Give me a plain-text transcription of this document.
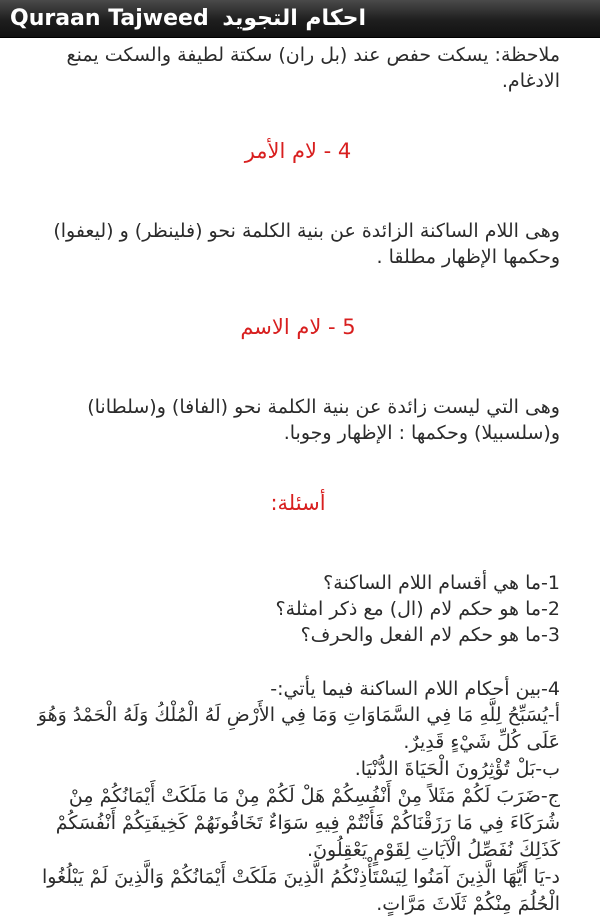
Quraan Tajweed احكام التجويد

ملاحظة: يسكت حفص عند (بل ران) سكتة لطيفة والسكت يمنع الادغام.

4 - لام الأمر

وهى اللام الساكنة الزائدة عن بنية الكلمة نحو (فلينظر) و (ليعفوا) وحكمها الإظهار مطلقا .

5 - لام الاسم

وهى التي ليست زائدة عن بنية الكلمة نحو (الفافا) و(سلطانا) و(سلسبيلا) وحكمها : الإظهار وجوبا.

أسئلة:

1-ما هي أقسام اللام الساكنة؟

2-ما هو حكم لام (ال) مع ذكر امثلة؟

3-ما هو حكم لام الفعل والحرف؟

4-بين أحكام اللام الساكنة فيما يأتي:-

أ-يُسَبِّحُ لِلَّهِ مَا فِي السَّمَاوَاتِ وَمَا فِي الأَرْضِ لَهُ الْمُلْكُ وَلَهُ الْحَمْدُ وَهُوَ عَلَى كُلِّ شَيْءٍ قَدِيرٌ.

ب-بَلْ تُؤْثِرُونَ الْحَيَاةَ الدُّنْيَا.

ج-ضَرَبَ لَكُمْ مَثَلاً مِنْ أَنْفُسِكُمْ هَلْ لَكُمْ مِنْ مَا مَلَكَتْ أَيْمَانُكُمْ مِنْ شُرَكَاءَ فِي مَا رَزَقْنَاكُمْ فَأَنْتُمْ فِيهِ سَوَاءٌ تَخَافُونَهُمْ كَخِيفَتِكُمْ أَنْفُسَكُمْ كَذَلِكَ نُفَصِّلُ الْآيَاتِ لِقَوْمٍ يَعْقِلُونَ.

د-يَا أَيُّهَا الَّذِينَ آمَنُوا لِيَسْتَأْذِنْكُمُ الَّذِينَ مَلَكَتْ أَيْمَانُكُمْ وَالَّذِينَ لَمْ يَبْلُغُوا الْحُلُمَ مِنْكُمْ ثَلَاثَ مَرَّاتٍ.
